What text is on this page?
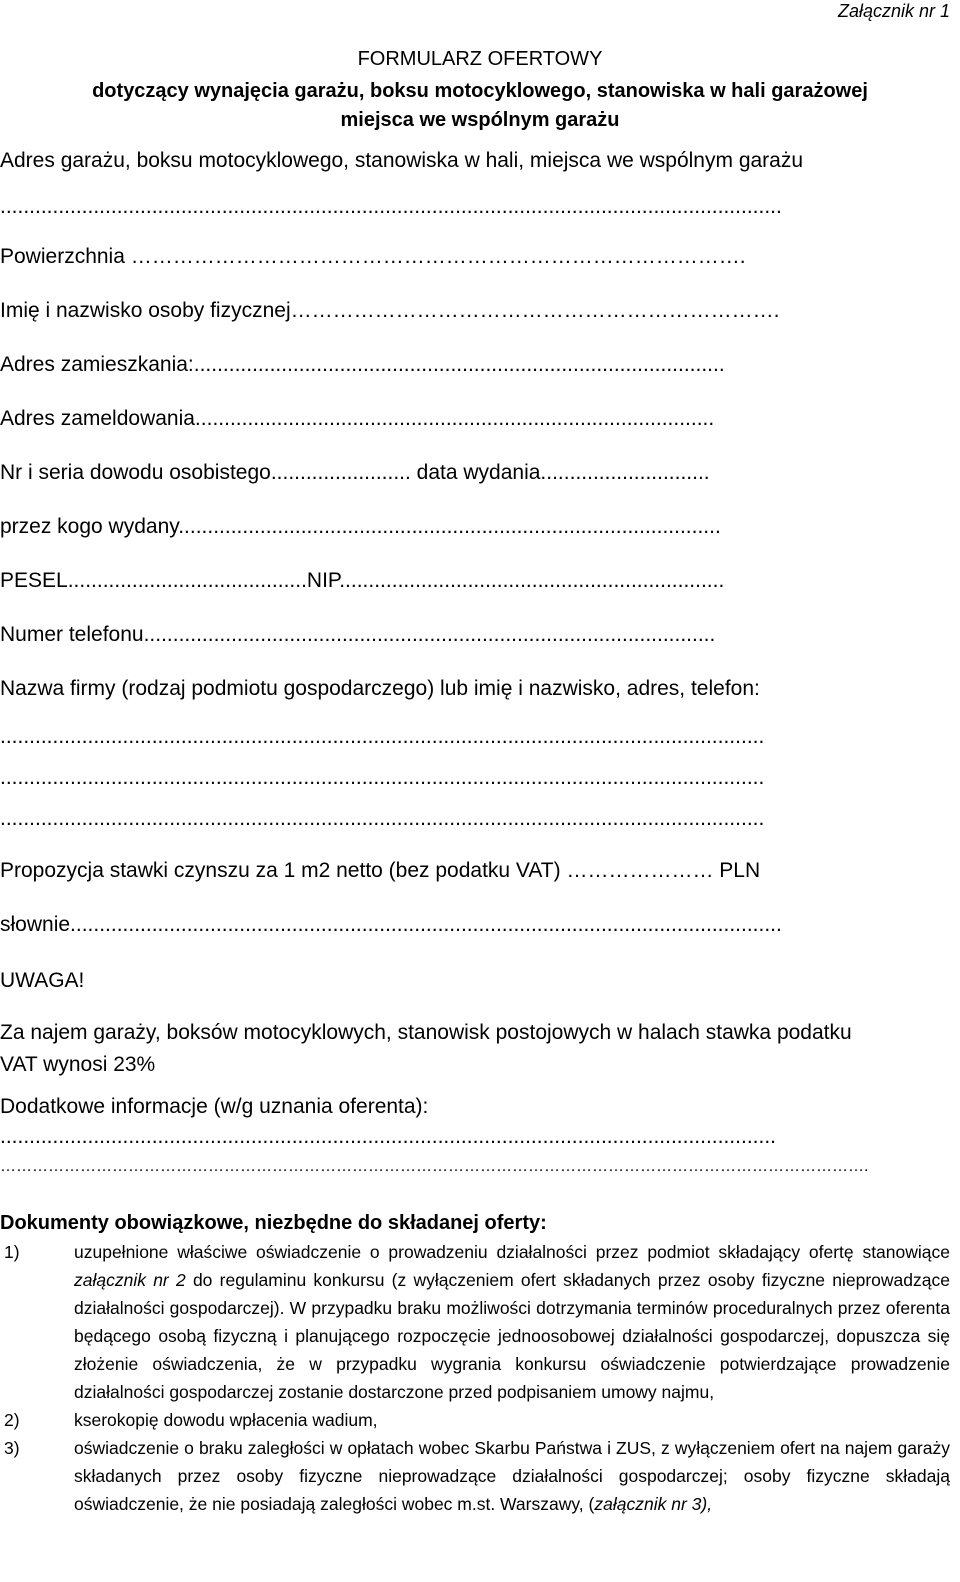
Załącznik nr 1
FORMULARZ OFERTOWY
dotyczący wynajęcia garażu, boksu motocyklowego, stanowiska w hali garażowej
miejsca we wspólnym garażu
Adres garażu, boksu motocyklowego, stanowiska w hali, miejsca we wspólnym garażu
......................................................................................................................................
Powierzchnia …………………………………………………………………………….
Imię i nazwisko osoby fizycznej…………………………………………………………….
Adres zamieszkania:...........................................................................................
Adres zameldowania.........................................................................................
Nr i seria dowodu osobistego........................ data wydania.............................
przez kogo wydany.............................................................................................
PESEL.........................................NIP..................................................................
Numer telefonu..................................................................................................
Nazwa firmy (rodzaj podmiotu gospodarczego) lub imię i nazwisko, adres, telefon:
...................................................................................................................................
...................................................................................................................................
...................................................................................................................................
Propozycja stawki czynszu za 1 m2 netto (bez podatku VAT) ………………… PLN
słownie..........................................................................................................................
UWAGA!
Za najem garaży, boksów motocyklowych, stanowisk postojowych w halach stawka podatku
VAT wynosi 23%
Dodatkowe informacje (w/g uznania oferenta):
.....................................................................................................................................
……………………………………………………………………………………………………………………………………………….
Dokumenty obowiązkowe, niezbędne do składanej oferty:
1)	uzupełnione właściwe oświadczenie o prowadzeniu działalności przez podmiot składający ofertę stanowiące załącznik nr 2 do regulaminu konkursu (z wyłączeniem ofert składanych przez osoby fizyczne nieprowadzące działalności gospodarczej). W przypadku braku możliwości dotrzymania terminów proceduralnych przez oferenta będącego osobą fizyczną i planującego rozpoczęcie jednoosobowej działalności gospodarczej, dopuszcza się złożenie oświadczenia, że w przypadku wygrania konkursu oświadczenie potwierdzające prowadzenie działalności gospodarczej zostanie dostarczone przed podpisaniem umowy najmu,
2)	kserokopię dowodu wpłacenia wadium,
3)	oświadczenie o braku zaległości w opłatach wobec Skarbu Państwa i ZUS, z wyłączeniem ofert na najem garaży składanych przez osoby fizyczne nieprowadzące działalności gospodarczej; osoby fizyczne składają oświadczenie, że nie posiadają zaległości wobec m.st. Warszawy, (załącznik nr 3),
